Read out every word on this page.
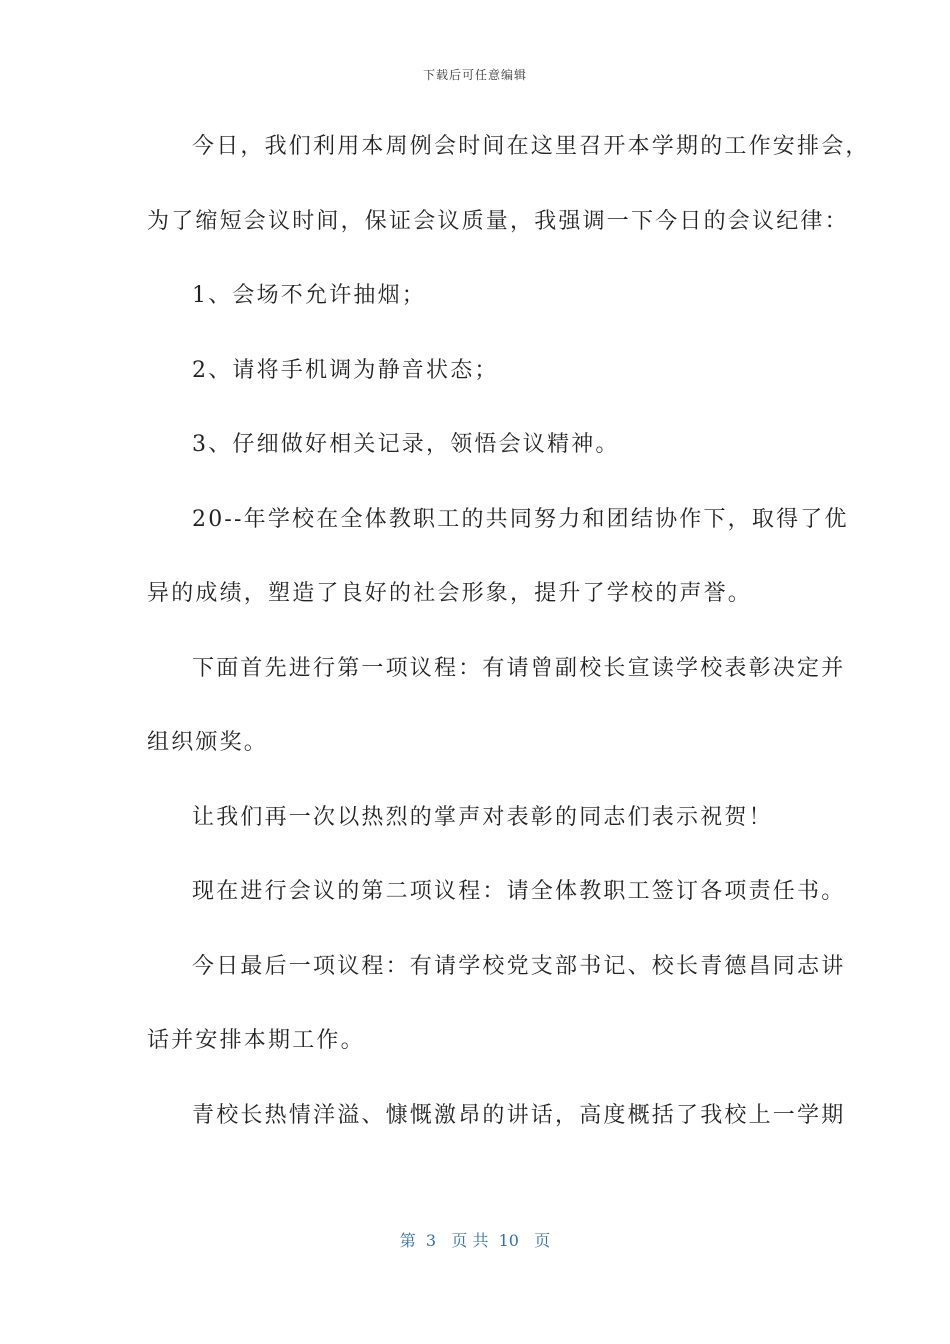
下载后可任意编辑
今日，我们利用本周例会时间在这里召开本学期的工作安排会，
为了缩短会议时间，保证会议质量，我强调一下今日的会议纪律：
1、会场不允许抽烟；
2、请将手机调为静音状态；
3、仔细做好相关记录，领悟会议精神。
20--年学校在全体教职工的共同努力和团结协作下，取得了优
异的成绩，塑造了良好的社会形象，提升了学校的声誉。
下面首先进行第一项议程：有请曾副校长宣读学校表彰决定并
组织颁奖。
让我们再一次以热烈的掌声对表彰的同志们表示祝贺！
现在进行会议的第二项议程：请全体教职工签订各项责任书。
今日最后一项议程：有请学校党支部书记、校长青德昌同志讲
话并安排本期工作。
青校长热情洋溢、慷慨激昂的讲话，高度概括了我校上一学期
第  3   页 共  10   页
